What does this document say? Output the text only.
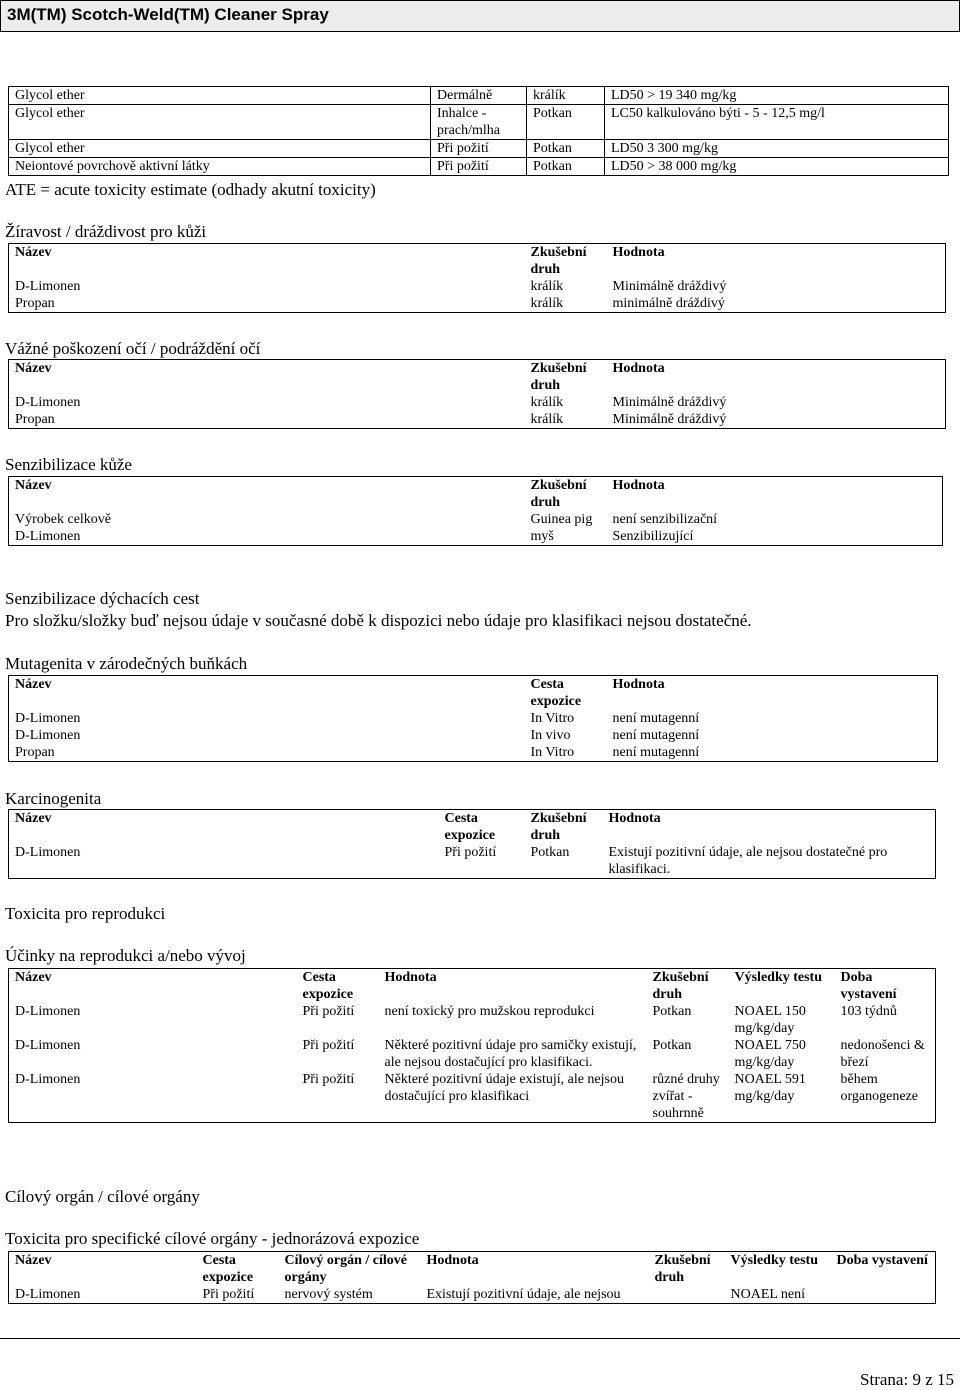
3M(TM) Scotch-Weld(TM) Cleaner Spray
Glycol ether	Dermálně	králík	LD50 > 19 340 mg/kg
Glycol ether	Inhalce - prach/mlha	Potkan	LC50 kalkulováno býti - 5 - 12,5 mg/l
Glycol ether	Při požití	Potkan	LD50 3 300 mg/kg
Neiontové povrchově aktivní látky	Při požití	Potkan	LD50 > 38 000 mg/kg
ATE = acute toxicity estimate (odhady akutní toxicity)
Žíravost / dráždivost pro kůži
Název	Zkušební druh	Hodnota
D-Limonen	králík	Minimálně dráždivý
Propan	králík	minimálně dráždivý
Vážné poškození očí / podráždění očí
Název	Zkušební druh	Hodnota
D-Limonen	králík	Minimálně dráždivý
Propan	králík	Minimálně dráždivý
Senzibilizace kůže
Název	Zkušební druh	Hodnota
Výrobek celkově	Guinea pig	není senzibilizační
D-Limonen	myš	Senzibilizující
Senzibilizace dýchacích cest
Pro složku/složky buď nejsou údaje v současné době k dispozici nebo údaje pro klasifikaci nejsou dostatečné.
Mutagenita v zárodečných buňkách
Název	Cesta expozice	Hodnota
D-Limonen	In Vitro	není mutagenní
D-Limonen	In vivo	není mutagenní
Propan	In Vitro	není mutagenní
Karcinogenita
Název	Cesta expozice	Zkušební druh	Hodnota
D-Limonen	Při požití	Potkan	Existují pozitivní údaje, ale nejsou dostatečné pro klasifikaci.
Toxicita pro reprodukci
Účinky na reprodukci a/nebo vývoj
Název	Cesta expozice	Hodnota	Zkušební druh	Výsledky testu	Doba vystavení
D-Limonen	Při požití	není toxický pro mužskou reprodukci	Potkan	NOAEL 150 mg/kg/day	103 týdnů
D-Limonen	Při požití	Některé pozitivní údaje pro samičky existují, ale nejsou dostačující pro klasifikaci.	Potkan	NOAEL 750 mg/kg/day	nedonošenci & březí
D-Limonen	Při požití	Některé pozitivní údaje existují, ale nejsou dostačující pro klasifikaci	různé druhy zvířat - souhrnně	NOAEL 591 mg/kg/day	během organogeneze
Cílový orgán / cílové orgány
Toxicita pro specifické cílové orgány - jednorázová expozice
Název	Cesta expozice	Cílový orgán / cílové orgány	Hodnota	Zkušební druh	Výsledky testu	Doba vystavení
D-Limonen	Při požití	nervový systém	Existují pozitivní údaje, ale nejsou		NOAEL není	
Strana: 9 z 15
